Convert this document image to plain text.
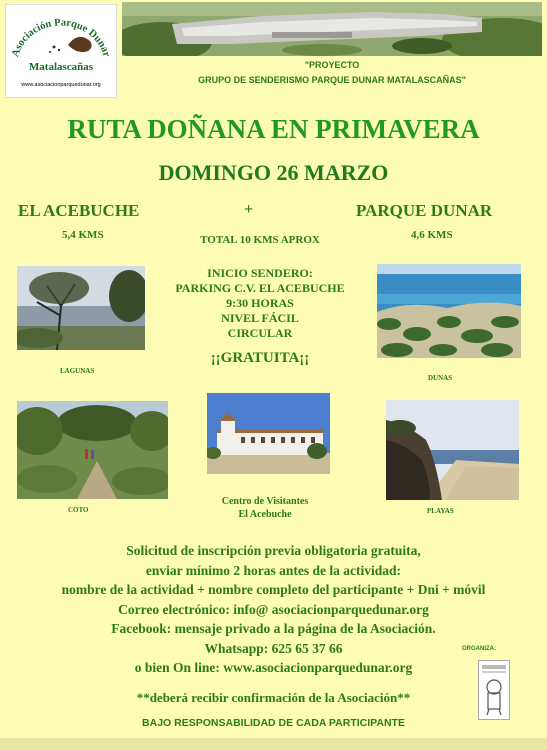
Asociación Parque Dunar
Matalascañas
www.asociacionparquedunar.org
"PROYECTO
GRUPO DE SENDERISMO PARQUE DUNAR MATALASCAÑAS"
RUTA DOÑANA EN PRIMAVERA
DOMINGO 26 MARZO
EL ACEBUCHE	+	PARQUE DUNAR
5,4 KMS	TOTAL 10 KMS APROX	4,6 KMS
LAGUNAS
INICIO SENDERO:
PARKING C.V. EL ACEBUCHE
9:30 HORAS
NIVEL FÁCIL
CIRCULAR
¡¡GRATUITA¡¡
DUNAS
COTO
Centro de Visitantes
El Acebuche	PLAYAS
Solicitud de inscripción previa obligatoria gratuita,
enviar mínimo 2 horas antes de la actividad:
nombre de la actividad + nombre completo del participante + Dni + móvil
Correo electrónico: info@ asociacionparquedunar.org
Facebook: mensaje privado a la página de la Asociación.
Whatsapp: 625 65 37 66
o bien On line: www.asociacionparquedunar.org
ORGANIZA:
**deberá recibir confirmación de la Asociación**
BAJO RESPONSABILIDAD DE CADA PARTICIPANTE
